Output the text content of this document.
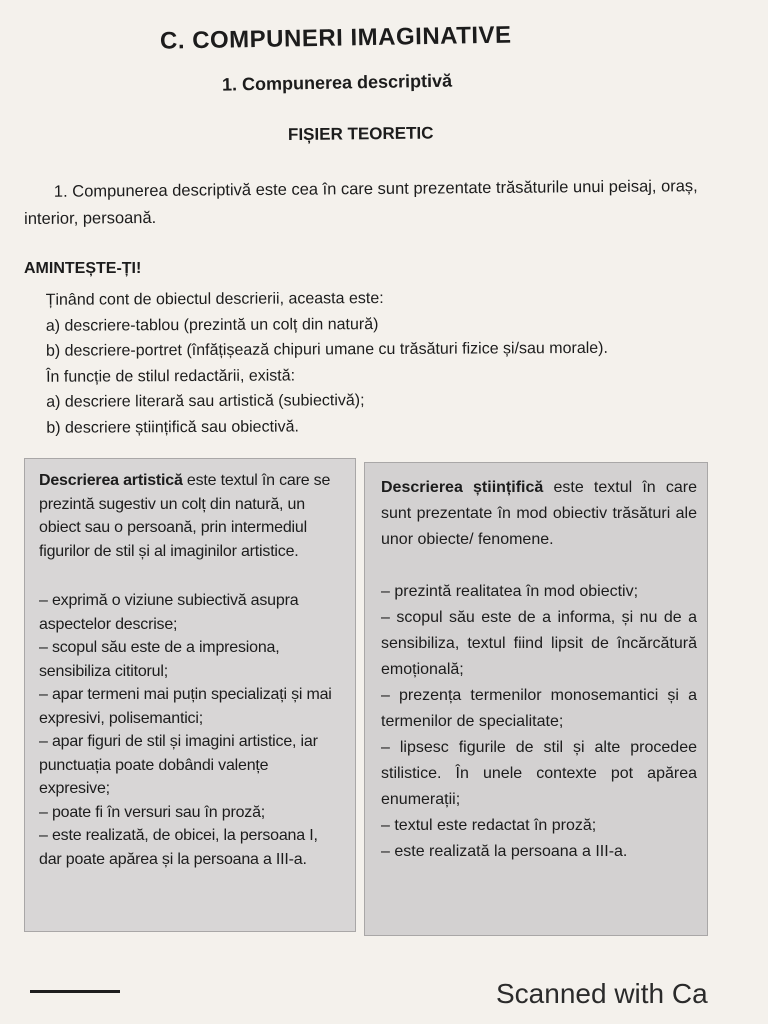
C. COMPUNERI IMAGINATIVE
1. Compunerea descriptivă
FIȘIER TEORETIC
1. Compunerea descriptivă este cea în care sunt prezentate trăsăturile unui peisaj, oraș, interior, persoană.
AMINTEȘTE-ȚI!
Ținând cont de obiectul descrierii, aceasta este:
a) descriere-tablou (prezintă un colț din natură)
b) descriere-portret (înfățișează chipuri umane cu trăsături fizice și/sau morale).
În funcție de stilul redactării, există:
a) descriere literară sau artistică (subiectivă);
b) descriere științifică sau obiectivă.

Descrierea artistică este textul în care se prezintă sugestiv un colț din natură, un obiect sau o persoană, prin intermediul figurilor de stil și al imaginilor artistice.

– exprimă o viziune subiectivă asupra aspectelor descrise;

– scopul său este de a impresiona, sensibiliza cititorul;

– apar termeni mai puțin specializați și mai expresivi, polisemantici;

– apar figuri de stil și imagini artistice, iar punctuația poate dobândi valențe expresive;

– poate fi în versuri sau în proză;

– este realizată, de obicei, la persoana I, dar poate apărea și la persoana a III-a.

Descrierea științifică este textul în care sunt prezentate în mod obiectiv trăsături ale unor obiecte/ fenomene.

– prezintă realitatea în mod obiectiv;

– scopul său este de a informa, și nu de a sensibiliza, textul fiind lipsit de încărcătură emoțională;

– prezența termenilor monosemantici și a termenilor de specialitate;

– lipsesc figurile de stil și alte procedee stilistice. În unele contexte pot apărea enumerații;

– textul este redactat în proză;

– este realizată la persoana a III-a.

Scanned with Ca
